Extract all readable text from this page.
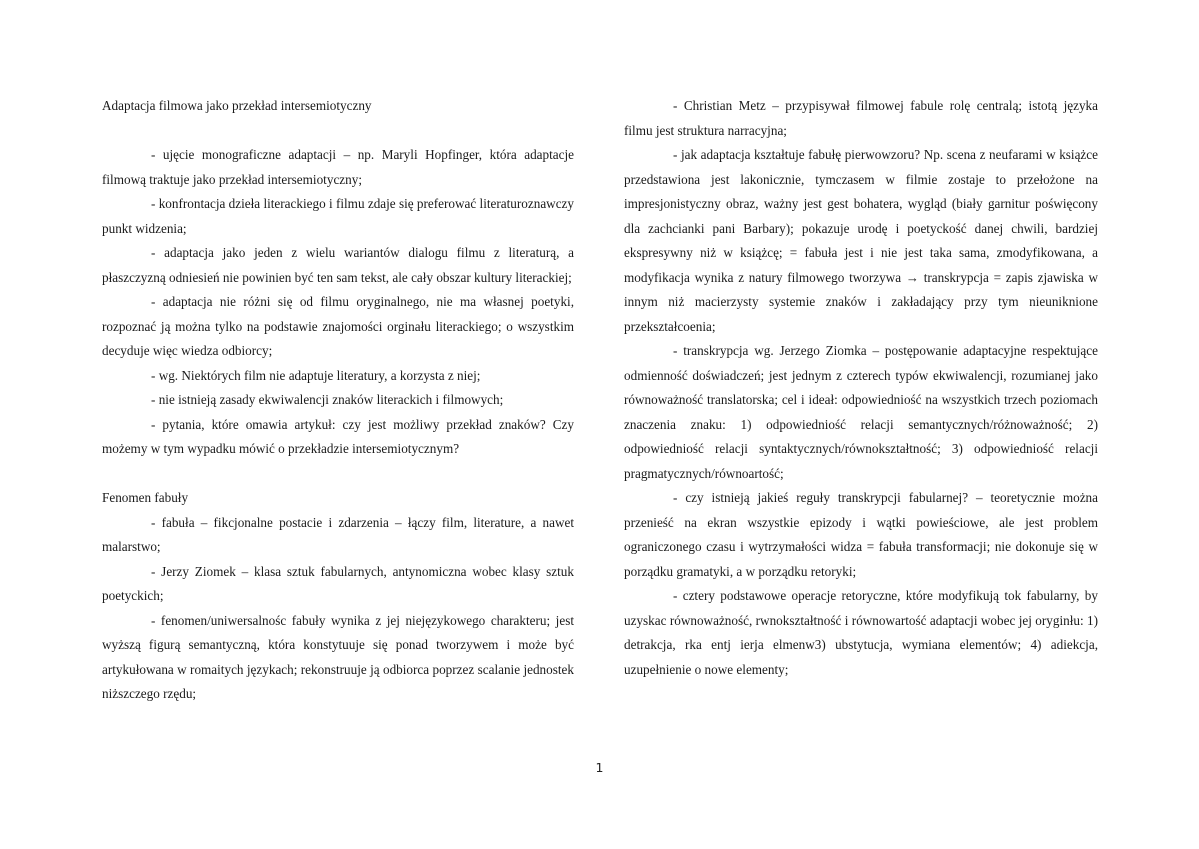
Adaptacja filmowa jako przekład intersemiotyczny

- ujęcie monograficzne adaptacji – np. Maryli Hopfinger, która adaptacje filmową traktuje jako przekład intersemiotyczny;

- konfrontacja dzieła literackiego i filmu zdaje się preferować literaturoznawczy punkt widzenia;

- adaptacja jako jeden z wielu wariantów dialogu filmu z literaturą, a płaszczyzną odniesień nie powinien być ten sam tekst, ale cały obszar kultury literackiej;

- adaptacja nie różni się od filmu oryginalnego, nie ma własnej poetyki, rozpoznać ją można tylko na podstawie znajomości orginału literackiego; o wszystkim decyduje więc wiedza odbiorcy;

- wg. Niektórych film nie adaptuje literatury, a korzysta z niej;

- nie istnieją zasady ekwiwalencji znaków literackich i filmowych;

- pytania, które omawia artykuł: czy jest możliwy przekład znaków? Czy możemy w tym wypadku mówić o przekładzie intersemiotycznym?

Fenomen fabuły

- fabuła – fikcjonalne postacie i zdarzenia – łączy film, literature, a nawet malarstwo;

- Jerzy Ziomek – klasa sztuk fabularnych, antynomiczna wobec klasy sztuk poetyckich;

- fenomen/uniwersalnośc fabuły wynika z jej niejęzykowego charakteru; jest wyższą figurą semantyczną, która konstytuuje się ponad tworzywem i może być artykułowana w romaitych językach; rekonstruuje ją odbiorca poprzez scalanie jednostek niższczego rzędu;

- Christian Metz – przypisywał filmowej fabule rolę centralą; istotą języka filmu jest struktura narracyjna;

- jak adaptacja kształtuje fabułę pierwowzoru? Np. scena z neufarami w książce przedstawiona jest lakonicznie, tymczasem w filmie zostaje to przełożone na impresjonistyczny obraz, ważny jest gest bohatera, wygląd (biały garnitur poświęcony dla zachcianki pani Barbary); pokazuje urodę i poetyckość danej chwili, bardziej ekspresywny niż w książcę; = fabuła jest i nie jest taka sama, zmodyfikowana, a modyfikacja wynika z natury filmowego tworzywa → transkrypcja = zapis zjawiska w innym niż macierzysty systemie znaków i zakładający przy tym nieuniknione przekształcoenia;

- transkrypcja wg. Jerzego Ziomka – postępowanie adaptacyjne respektujące odmienność doświadczeń; jest jednym z czterech typów ekwiwalencji, rozumianej jako równoważność translatorska; cel i ideał: odpowiedniość na wszystkich trzech poziomach znaczenia znaku: 1) odpowiedniość relacji semantycznych/różnoważność; 2) odpowiedniość relacji syntaktycznych/równokształtność; 3) odpowiedniość relacji pragmatycznych/równoartość;

- czy istnieją jakieś reguły transkrypcji fabularnej? – teoretycznie można przenieść na ekran wszystkie epizody i wątki powieściowe, ale jest problem ograniczonego czasu i wytrzymałości widza = fabuła transformacji; nie dokonuje się w porządku gramatyki, a w porządku retoryki;

- cztery podstawowe operacje retoryczne, które modyfikują tok fabularny, by uzyskac równoważność, rwnokształtność i równowartość adaptacji wobec jej oryginłu: 1) detrakcja, rka entj ierja elmenw3) ubstytucja, wymiana elementów; 4) adiekcja, uzupełnienie o nowe elementy;

1
